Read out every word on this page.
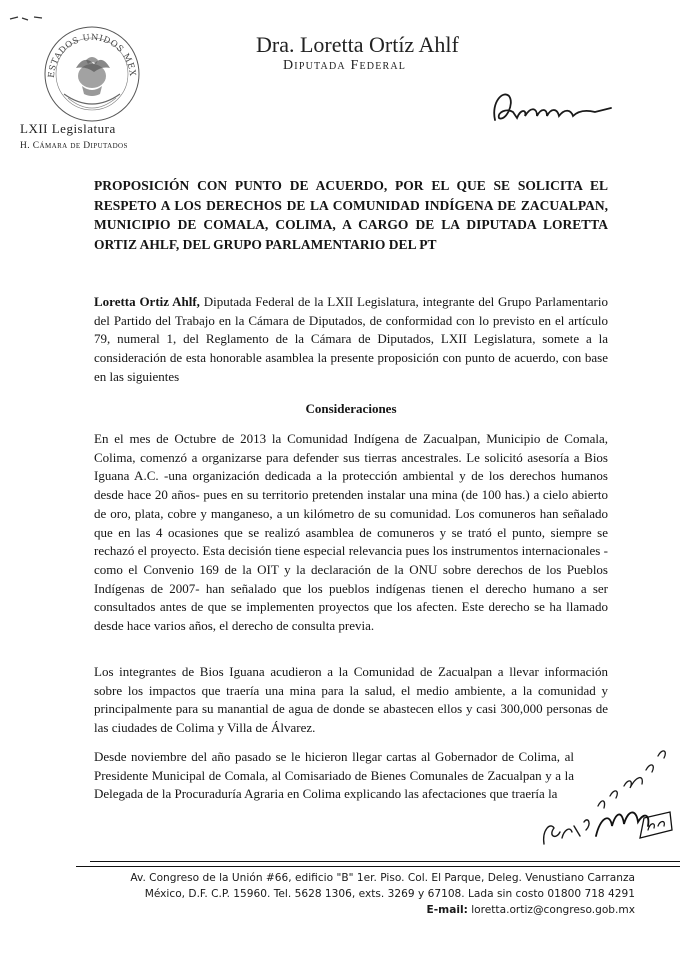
ESTADOS UNIDOS MEX
LXII Legislatura
H. Cámara de Diputados
Dra. Loretta Ortíz Ahlf
Diputada Federal
PROPOSICIÓN CON PUNTO DE ACUERDO, POR EL QUE SE SOLICITA EL RESPETO A LOS DERECHOS DE LA COMUNIDAD INDÍGENA DE ZACUALPAN, MUNICIPIO DE COMALA, COLIMA, A CARGO DE LA DIPUTADA LORETTA ORTIZ AHLF, DEL GRUPO PARLAMENTARIO DEL PT
Loretta Ortiz Ahlf, Diputada Federal de la LXII Legislatura, integrante del Grupo Parlamentario del Partido del Trabajo en la Cámara de Diputados, de conformidad con lo previsto en el artículo 79, numeral 1, del Reglamento de la Cámara de Diputados, LXII Legislatura, somete a la consideración de esta honorable asamblea la presente proposición con punto de acuerdo, con base en las siguientes
Consideraciones
En el mes de Octubre de 2013 la Comunidad Indígena de Zacualpan, Municipio de Comala, Colima, comenzó a organizarse para defender sus tierras ancestrales. Le solicitó asesoría a Bios Iguana A.C. -una organización dedicada a la protección ambiental y de los derechos humanos desde hace 20 años- pues en su territorio pretenden instalar una mina (de 100 has.) a cielo abierto de oro, plata, cobre y manganeso, a un kilómetro de su comunidad. Los comuneros han señalado que en las 4 ocasiones que se realizó asamblea de comuneros y se trató el punto, siempre se rechazó el proyecto. Esta decisión tiene especial relevancia pues los instrumentos internacionales -como el Convenio 169 de la OIT y la declaración de la ONU sobre derechos de los Pueblos Indígenas de 2007- han señalado que los pueblos indígenas tienen el derecho humano a ser consultados antes de que se implementen proyectos que los afecten. Este derecho se ha llamado desde hace varios años, el derecho de consulta previa.
Los integrantes de Bios Iguana acudieron a la Comunidad de Zacualpan a llevar información sobre los impactos que traería una mina para la salud, el medio ambiente, a la comunidad y principalmente para su manantial de agua de donde se abastecen ellos y casi 300,000 personas de las ciudades de Colima y Villa de Álvarez.
Desde noviembre del año pasado se le hicieron llegar cartas al Gobernador de Colima, al Presidente Municipal de Comala, al Comisariado de Bienes Comunales de Zacualpan y a la Delegada de la Procuraduría Agraria en Colima explicando las afectaciones que traería la
Av. Congreso de la Unión #66, edificio "B" 1er. Piso. Col. El Parque, Deleg. Venustiano Carranza
México, D.F. C.P. 15960. Tel. 5628 1306, exts. 3269 y 67108. Lada sin costo 01800 718 4291
E-mail: loretta.ortiz@congreso.gob.mx
